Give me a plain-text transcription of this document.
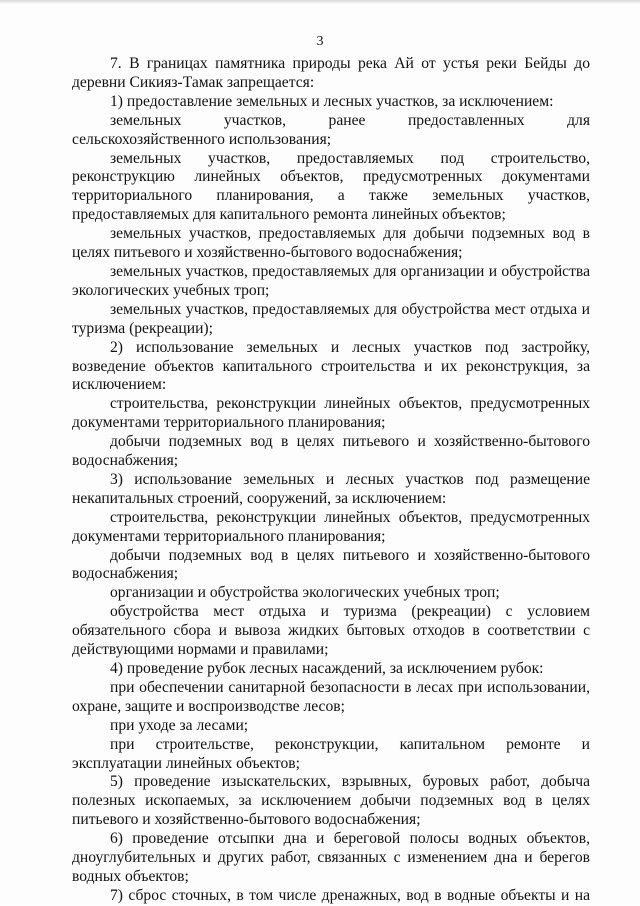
3

7. В границах памятника природы река Ай от устья реки Бейды до деревни Сикияз-Тамак запрещается:

1) предоставление земельных и лесных участков, за исключением:

земельных участков, ранее предоставленных для сельскохозяйственного использования;

земельных участков, предоставляемых под строительство, реконструкцию линейных объектов, предусмотренных документами территориального планирования, а также земельных участков, предоставляемых для капитального ремонта линейных объектов;

земельных участков, предоставляемых для добычи подземных вод в целях питьевого и хозяйственно-бытового водоснабжения;

земельных участков, предоставляемых для организации и обустройства экологических учебных троп;

земельных участков, предоставляемых для обустройства мест отдыха и туризма (рекреации);

2) использование земельных и лесных участков под застройку, возведение объектов капитального строительства и их реконструкция, за исключением:

строительства, реконструкции линейных объектов, предусмотренных документами территориального планирования;

добычи подземных вод в целях питьевого и хозяйственно-бытового водоснабжения;

3) использование земельных и лесных участков под размещение некапитальных строений, сооружений, за исключением:

строительства, реконструкции линейных объектов, предусмотренных документами территориального планирования;

добычи подземных вод в целях питьевого и хозяйственно-бытового водоснабжения;

организации и обустройства экологических учебных троп;

обустройства мест отдыха и туризма (рекреации) с условием обязательного сбора и вывоза жидких бытовых отходов в соответствии с действующими нормами и правилами;

4) проведение рубок лесных насаждений, за исключением рубок:

при обеспечении санитарной безопасности в лесах при использовании, охране, защите и воспроизводстве лесов;

при уходе за лесами;

при строительстве, реконструкции, капитальном ремонте и эксплуатации линейных объектов;

5) проведение изыскательских, взрывных, буровых работ, добыча полезных ископаемых, за исключением добычи подземных вод в целях питьевого и хозяйственно-бытового водоснабжения;

6) проведение отсыпки дна и береговой полосы водных объектов, дноуглубительных и других работ, связанных с изменением дна и берегов водных объектов;

7) сброс сточных, в том числе дренажных, вод в водные объекты и на
